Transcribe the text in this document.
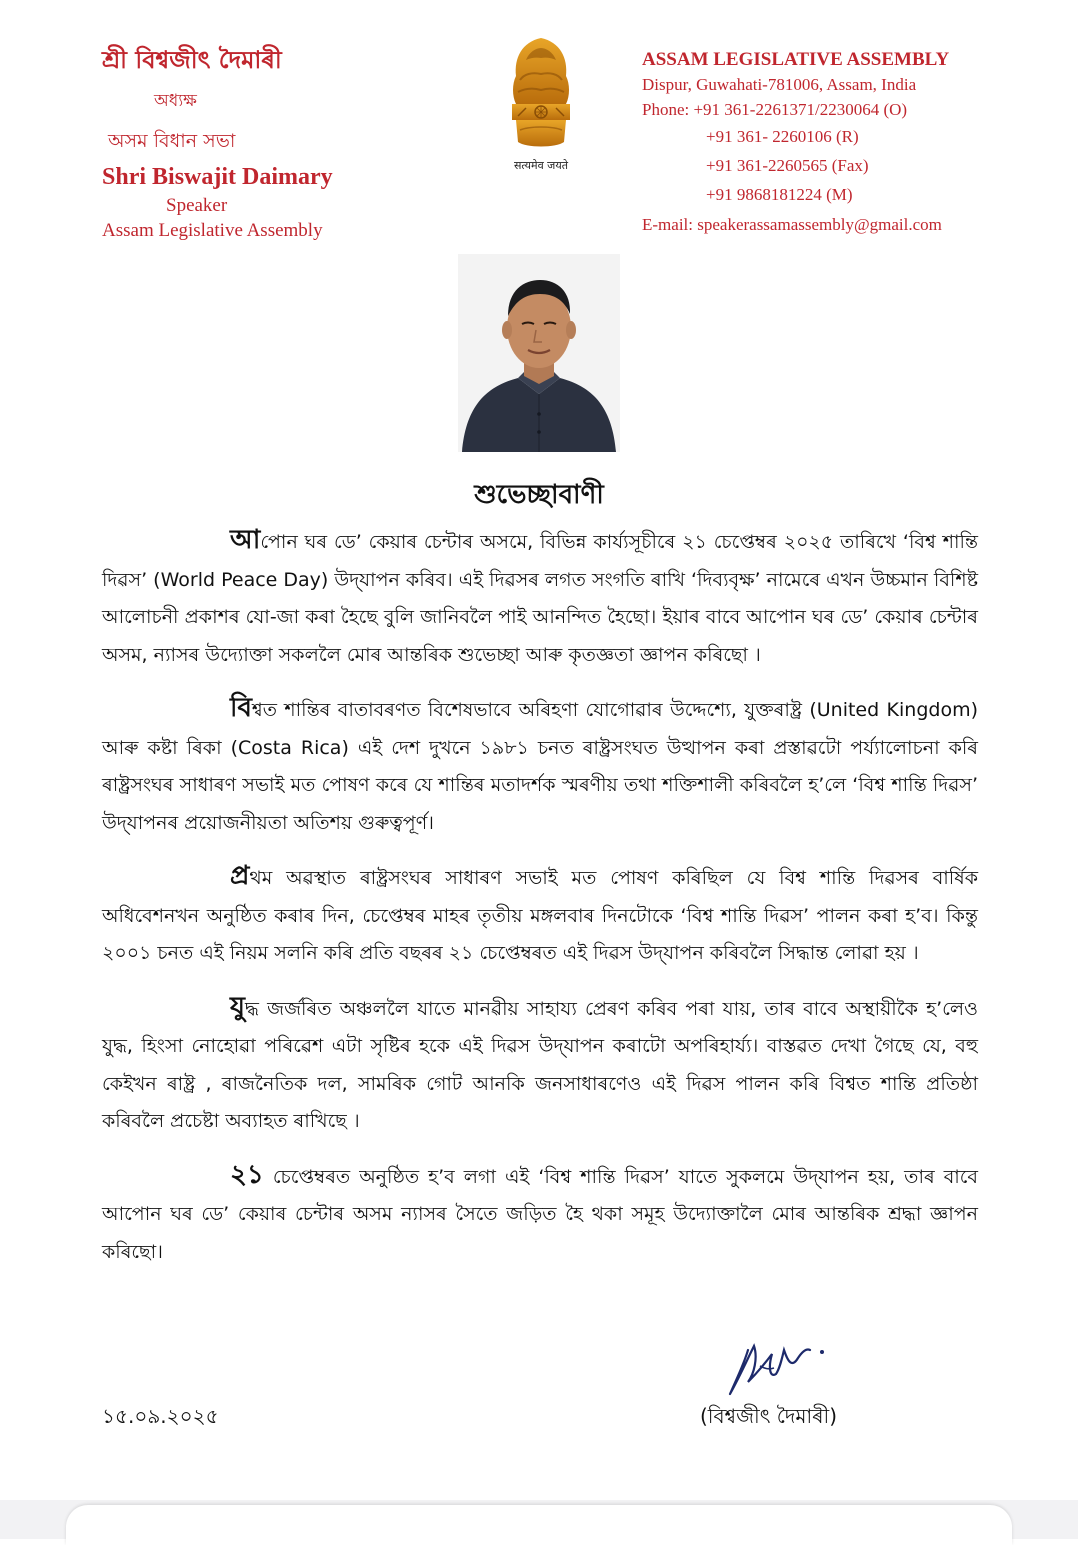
শ্ৰী বিশ্বজীৎ দৈমাৰী
অধ্যক্ষ
অসম বিধান সভা
Shri Biswajit Daimary
Speaker
Assam Legislative Assembly
सत्यमेव जयते
ASSAM LEGISLATIVE ASSEMBLY
Dispur, Guwahati-781006, Assam, India
Phone: +91 361-2261371/2230064 (O)
+91 361- 2260106 (R)
+91 361-2260565 (Fax)
+91 9868181224 (M)
E-mail: speakerassamassembly@gmail.com
শুভেচ্ছাবাণী

আপোন ঘৰ ডে’ কেয়াৰ চেন্টাৰ অসমে, বিভিন্ন কাৰ্য্যসূচীৰে ২১ চেপ্তেম্বৰ ২০২৫ তাৰিখে ‘বিশ্ব শান্তি দিৱস’ (World Peace Day) উদ্‌যাপন কৰিব। এই দিৱসৰ লগত সংগতি ৰাখি ‘দিব্যবৃক্ষ’ নামেৰে এখন উচ্চমান বিশিষ্ট আলোচনী প্ৰকাশৰ যো-জা কৰা হৈছে বুলি জানিবলৈ পাই আনন্দিত হৈছো। ইয়াৰ বাবে আপোন ঘৰ ডে’ কেয়াৰ চেন্টাৰ অসম, ন্যাসৰ উদ্যোক্তা সকললৈ মোৰ আন্তৰিক শুভেচ্ছা আৰু কৃতজ্ঞতা জ্ঞাপন কৰিছো ।

বিশ্বত শান্তিৰ বাতাবৰণত বিশেষভাবে অৰিহণা যোগোৱাৰ উদ্দেশ্যে, যুক্তৰাষ্ট্ৰ (United Kingdom) আৰু কষ্টা ৰিকা (Costa Rica) এই দেশ দুখনে ১৯৮১ চনত ৰাষ্ট্ৰসংঘত উত্থাপন কৰা প্ৰস্তাৱটো পৰ্য্যালোচনা কৰি ৰাষ্ট্ৰসংঘৰ সাধাৰণ সভাই মত পোষণ কৰে যে শান্তিৰ মতাদৰ্শক স্মৰণীয় তথা শক্তিশালী কৰিবলৈ হ’লে ‘বিশ্ব শান্তি দিৱস’ উদ্‌যাপনৰ প্ৰয়োজনীয়তা অতিশয় গুৰুত্বপূৰ্ণ।

প্ৰথম অৱস্থাত ৰাষ্ট্ৰসংঘৰ সাধাৰণ সভাই মত পোষণ কৰিছিল যে বিশ্ব শান্তি দিৱসৰ বাৰ্ষিক অধিবেশনখন অনুষ্ঠিত কৰাৰ দিন, চেপ্তেম্বৰ মাহৰ তৃতীয় মঙ্গলবাৰ দিনটোকে ‘বিশ্ব শান্তি দিৱস’ পালন কৰা হ’ব। কিন্তু ২০০১ চনত এই নিয়ম সলনি কৰি প্ৰতি বছৰৰ ২১ চেপ্তেম্বৰত এই দিৱস উদ্‌যাপন কৰিবলৈ সিদ্ধান্ত লোৱা হয় ।

যুদ্ধ জৰ্জৰিত অঞ্চললৈ যাতে মানৱীয় সাহায্য প্ৰেৰণ কৰিব পৰা যায়, তাৰ বাবে অস্থায়ীকৈ হ’লেও যুদ্ধ, হিংসা নোহোৱা পৰিৱেশ এটা সৃষ্টিৰ হকে এই দিৱস উদ্‌যাপন কৰাটো অপৰিহাৰ্য্য। বাস্তৱত দেখা গৈছে যে, বহু কেইখন ৰাষ্ট্ৰ , ৰাজনৈতিক দল, সামৰিক গোট আনকি জনসাধাৰণেও এই দিৱস পালন কৰি বিশ্বত শান্তি প্ৰতিষ্ঠা কৰিবলৈ প্ৰচেষ্টা অব্যাহত ৰাখিছে ।

২১ চেপ্তেম্বৰত অনুষ্ঠিত হ’ব লগা এই ‘বিশ্ব শান্তি দিৱস’ যাতে সুকলমে উদ্‌যাপন হয়, তাৰ বাবে আপোন ঘৰ ডে’ কেয়াৰ চেন্টাৰ অসম ন্যাসৰ সৈতে জড়িত হৈ থকা সমূহ উদ্যোক্তালৈ মোৰ আন্তৰিক শ্ৰদ্ধা জ্ঞাপন কৰিছো।

১৫.০৯.২০২৫	(বিশ্বজীৎ দৈমাৰী)
